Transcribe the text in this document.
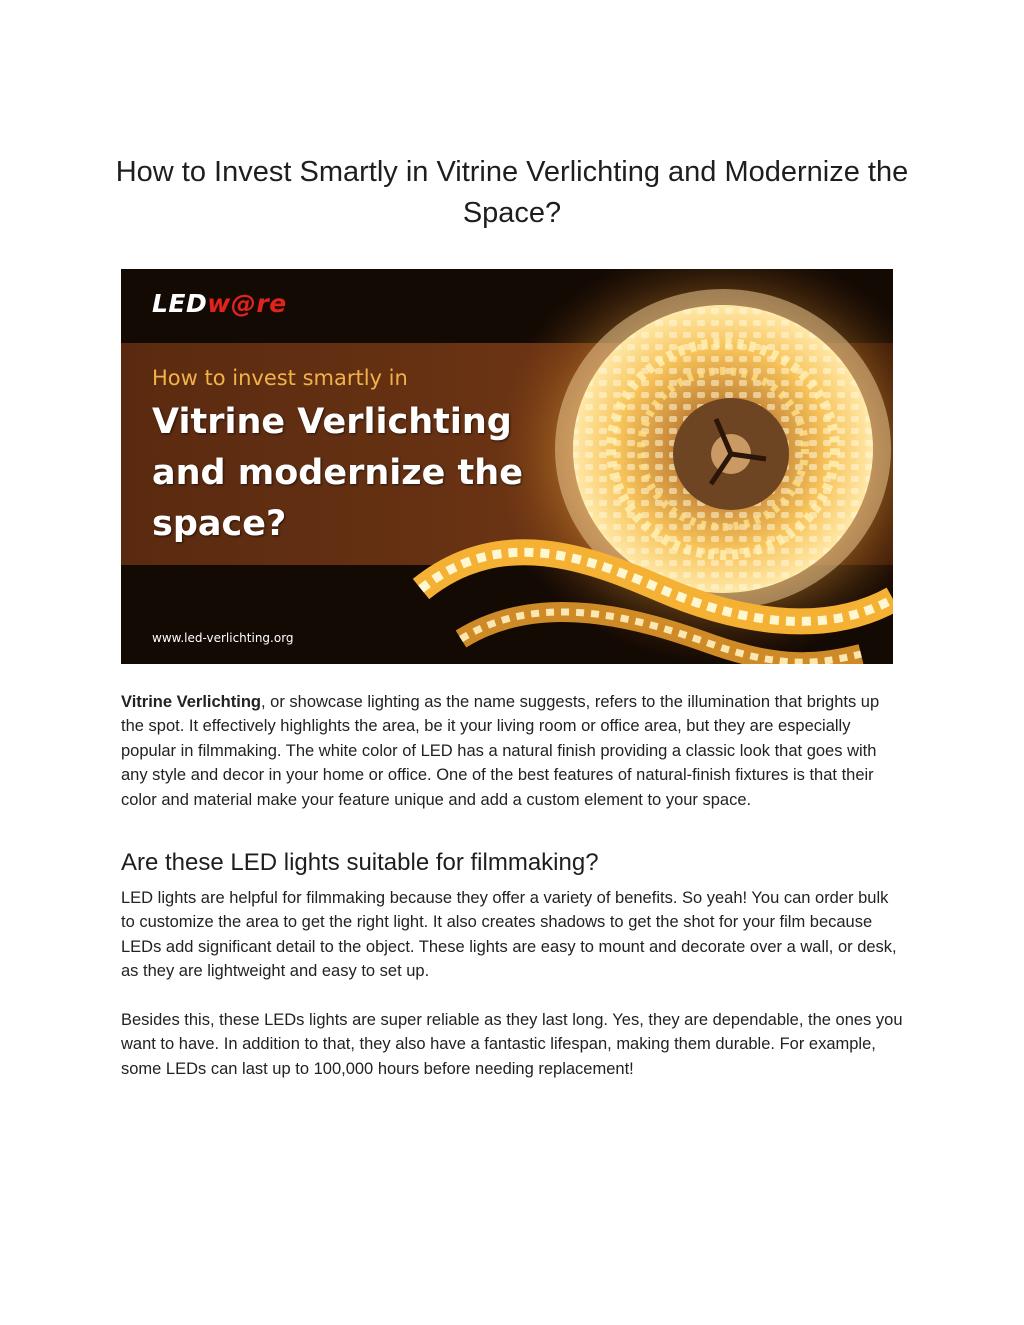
How to Invest Smartly in Vitrine Verlichting and Modernize the Space?
LEDw@re
How to invest smartly in
Vitrine Verlichting and modernize the space?
www.led-verlichting.org

Vitrine Verlichting, or showcase lighting as the name suggests, refers to the illumination that brights up the spot. It effectively highlights the area, be it your living room or office area, but they are especially popular in filmmaking. The white color of LED has a natural finish providing a classic look that goes with any style and decor in your home or office. One of the best features of natural-finish fixtures is that their color and material make your feature unique and add a custom element to your space.

Are these LED lights suitable for filmmaking?

LED lights are helpful for filmmaking because they offer a variety of benefits. So yeah! You can order bulk to customize the area to get the right light. It also creates shadows to get the shot for your film because LEDs add significant detail to the object. These lights are easy to mount and decorate over a wall, or desk, as they are lightweight and easy to set up.

Besides this, these LEDs lights are super reliable as they last long. Yes, they are dependable, the ones you want to have. In addition to that, they also have a fantastic lifespan, making them durable. For example, some LEDs can last up to 100,000 hours before needing replacement!
